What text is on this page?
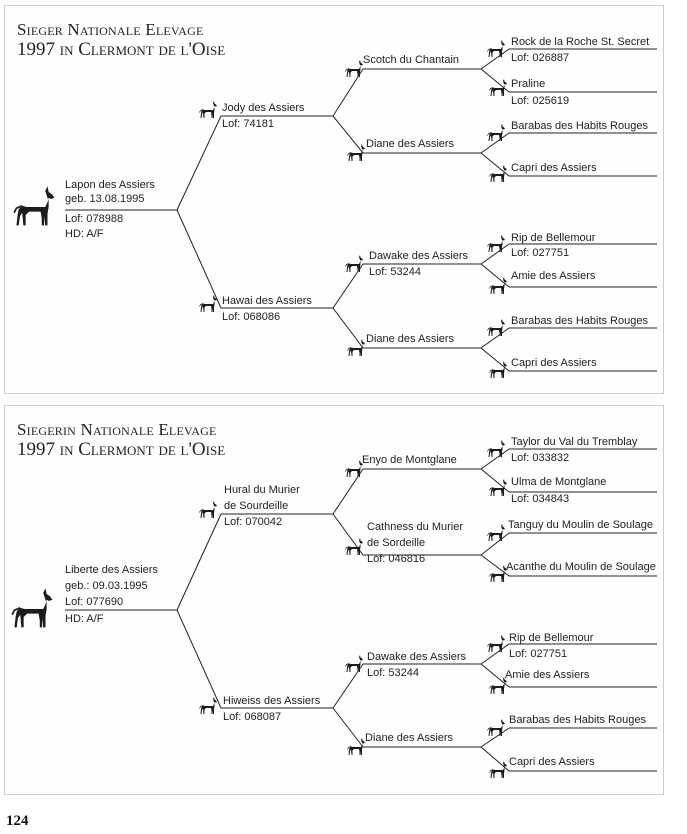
Sieger Nationale Elevage
1997 in Clermont de l'Oise
Lapon des Assiers
geb. 13.08.1995
Lof: 078988
HD: A/F
Jody des Assiers
Lof: 74181
Hawai des Assiers
Lof: 068086
Scotch du Chantain
Diane des Assiers
Dawake des Assiers
Lof: 53244
Diane des Assiers
Rock de la Roche St. Secret
Lof: 026887
Praline
Lof: 025619
Barabas des Habits Rouges
Capri des Assiers
Rip de Bellemour
Lof: 027751
Amie des Assiers
Barabas des Habits Rouges
Capri des Assiers
Siegerin Nationale Elevage
1997 in Clermont de l'Oise
Liberte des Assiers
geb.: 09.03.1995
Lof: 077690
HD: A/F
Hural du Murier
de Sourdeille
Lof: 070042
Hiweiss des Assiers
Lof: 068087
Enyo de Montglane
Cathness du Murier
de Sordeille
Lof: 046816
Dawake des Assiers
Lof: 53244
Diane des Assiers
Taylor du Val du Tremblay
Lof: 033832
Ulma de Montglane
Lof: 034843
Tanguy du Moulin de Soulage
Acanthe du Moulin de Soulage
Rip de Bellemour
Lof: 027751
Amie des Assiers
Barabas des Habits Rouges
Capri des Assiers
124
